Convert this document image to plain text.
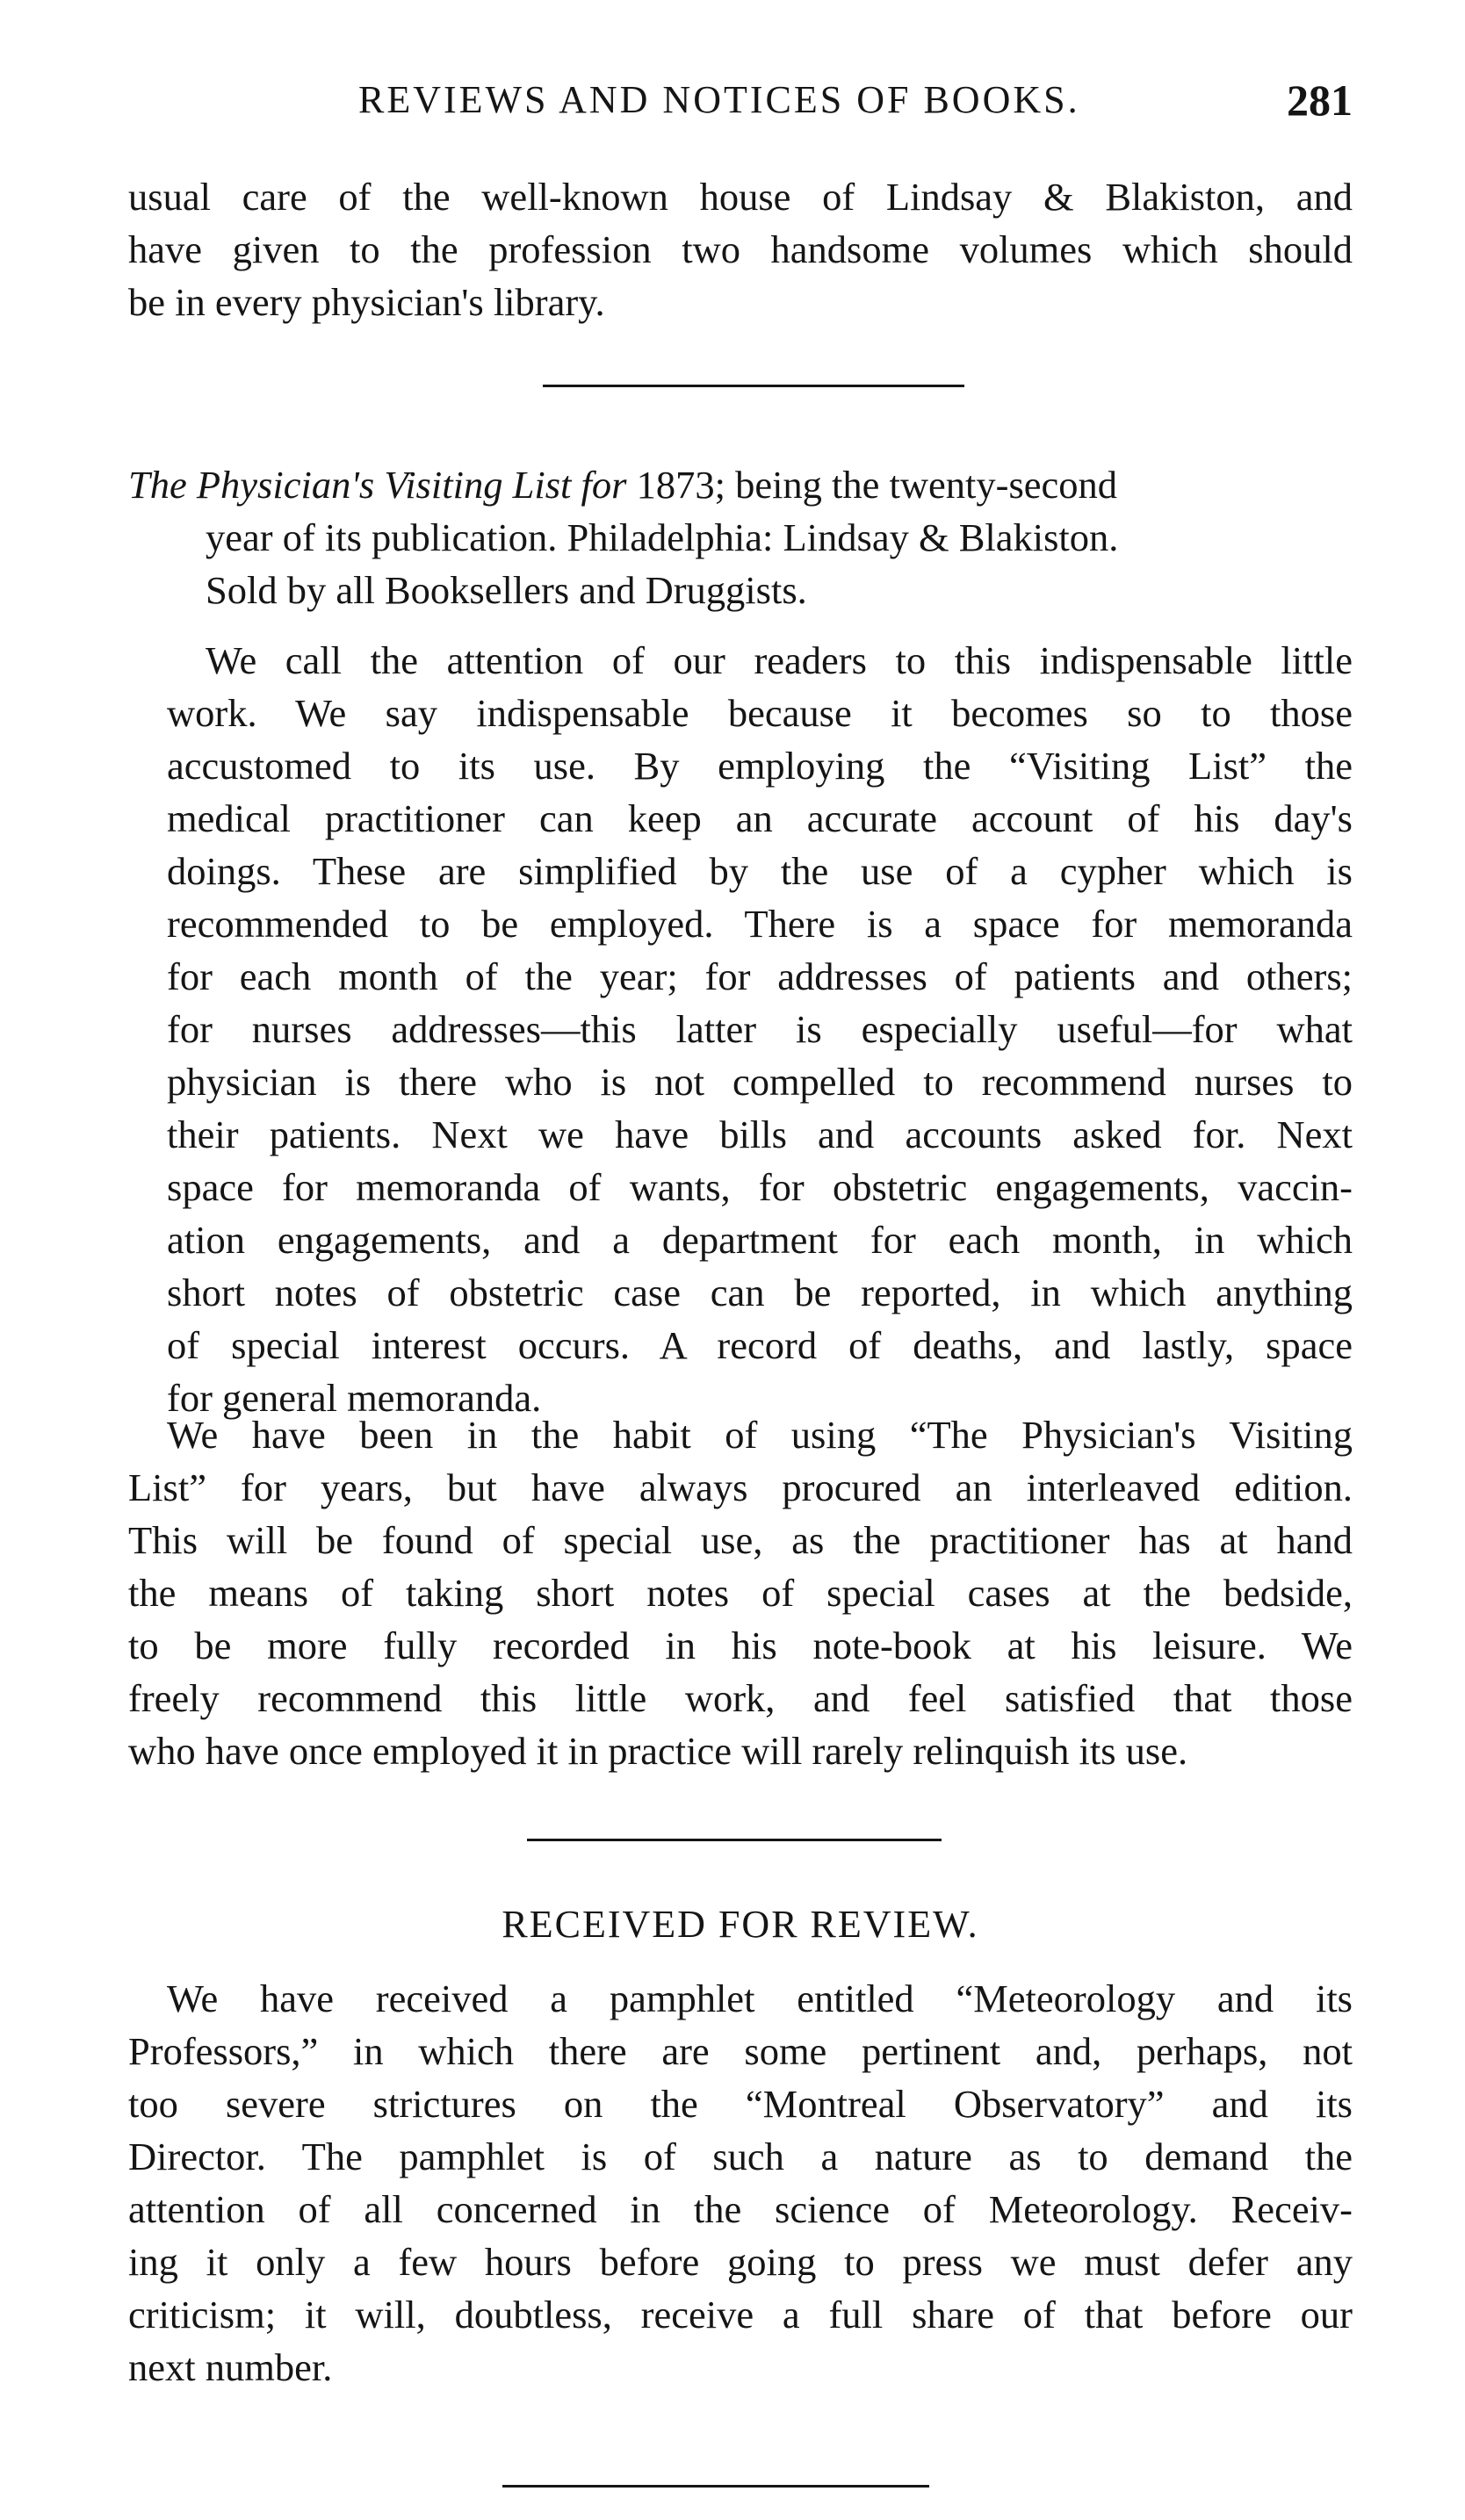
REVIEWS AND NOTICES OF BOOKS.	281

usual care of the well-known house of Lindsay & Blakiston, and
have given to the profession two handsome volumes which should
be in every physician's library.

The Physician's Visiting List for 1873; being the twenty-second
year of its publication. Philadelphia: Lindsay & Blakiston.
Sold by all Booksellers and Druggists.

We call the attention of our readers to this indispensable little
work. We say indispensable because it becomes so to those
accustomed to its use. By employing the “Visiting List” the
medical practitioner can keep an accurate account of his day's
doings. These are simplified by the use of a cypher which is
recommended to be employed. There is a space for memoranda
for each month of the year; for addresses of patients and others;
for nurses addresses—this latter is especially useful—for what
physician is there who is not compelled to recommend nurses to
their patients. Next we have bills and accounts asked for. Next
space for memoranda of wants, for obstetric engagements, vaccin-
ation engagements, and a department for each month, in which
short notes of obstetric case can be reported, in which anything
of special interest occurs. A record of deaths, and lastly, space
for general memoranda.

We have been in the habit of using “The Physician's Visiting
List” for years, but have always procured an interleaved edition.
This will be found of special use, as the practitioner has at hand
the means of taking short notes of special cases at the bedside,
to be more fully recorded in his note-book at his leisure. We
freely recommend this little work, and feel satisfied that those
who have once employed it in practice will rarely relinquish its use.

RECEIVED FOR REVIEW.

We have received a pamphlet entitled “Meteorology and its
Professors,” in which there are some pertinent and, perhaps, not
too severe strictures on the “Montreal Observatory” and its
Director. The pamphlet is of such a nature as to demand the
attention of all concerned in the science of Meteorology. Receiv-
ing it only a few hours before going to press we must defer any
criticism; it will, doubtless, receive a full share of that before our
next number.
